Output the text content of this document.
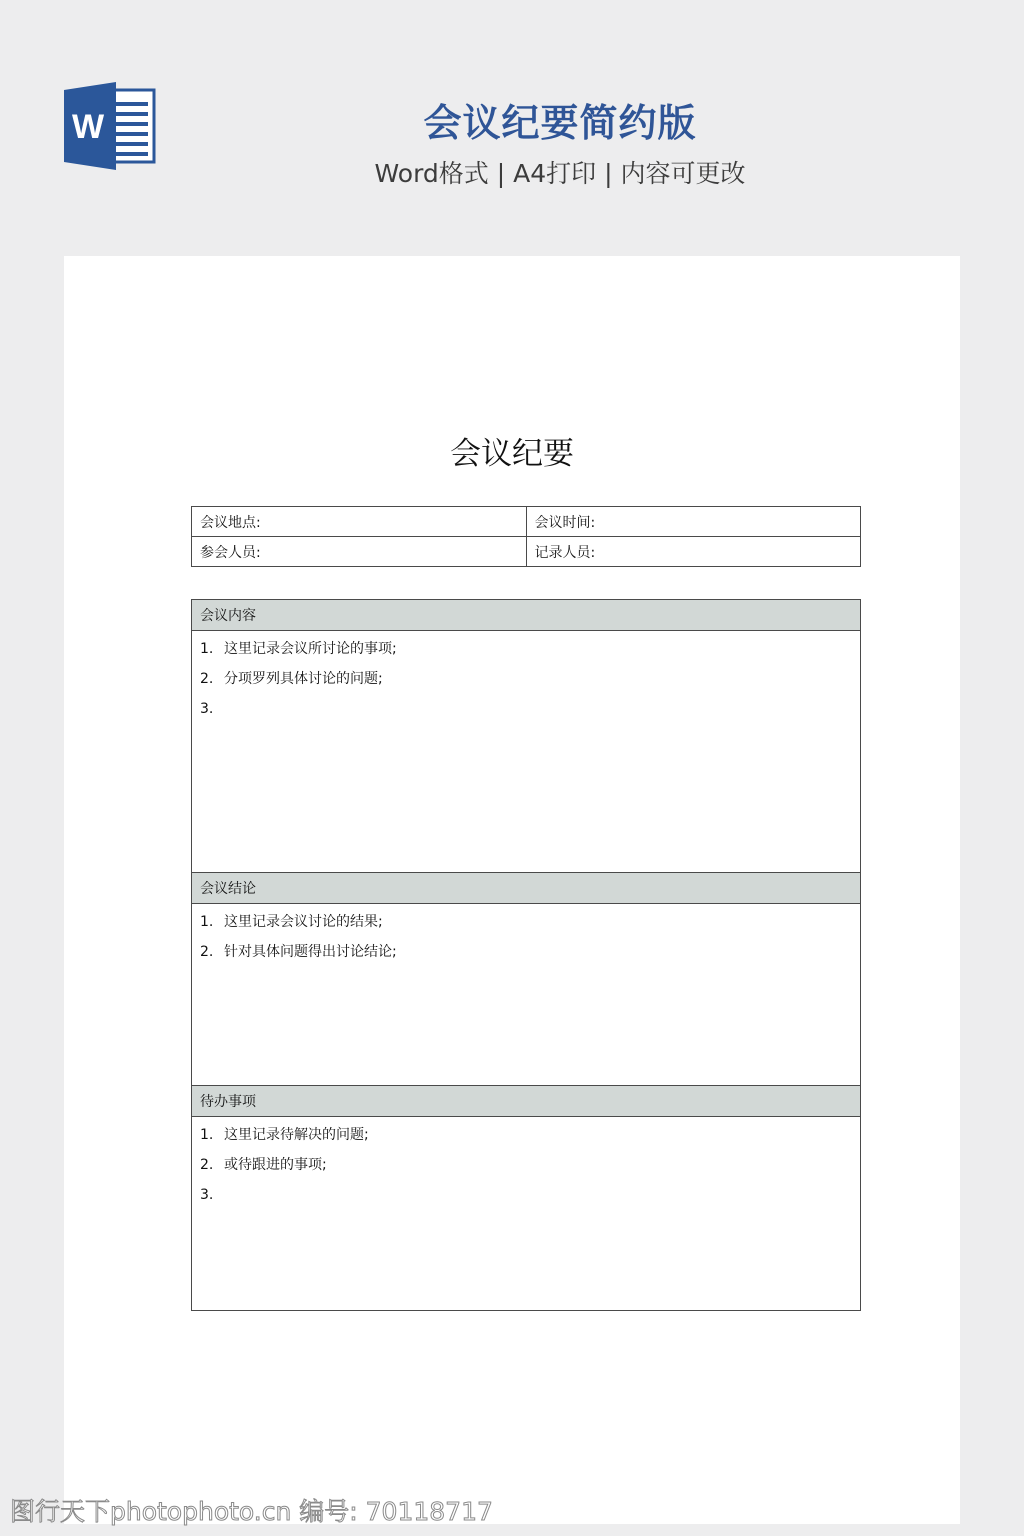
W	会议纪要简约版
Word格式 | A4打印 | 内容可更改
会议纪要
会议地点:	会议时间:
参会人员:	记录人员:
会议内容
1. 这里记录会议所讨论的事项;
2. 分项罗列具体讨论的问题;
3.
会议结论
1. 这里记录会议讨论的结果;
2. 针对具体问题得出讨论结论;
待办事项
1. 这里记录待解决的问题;
2. 或待跟进的事项;
3.
图行天下photophoto.cn 编号: 70118717
